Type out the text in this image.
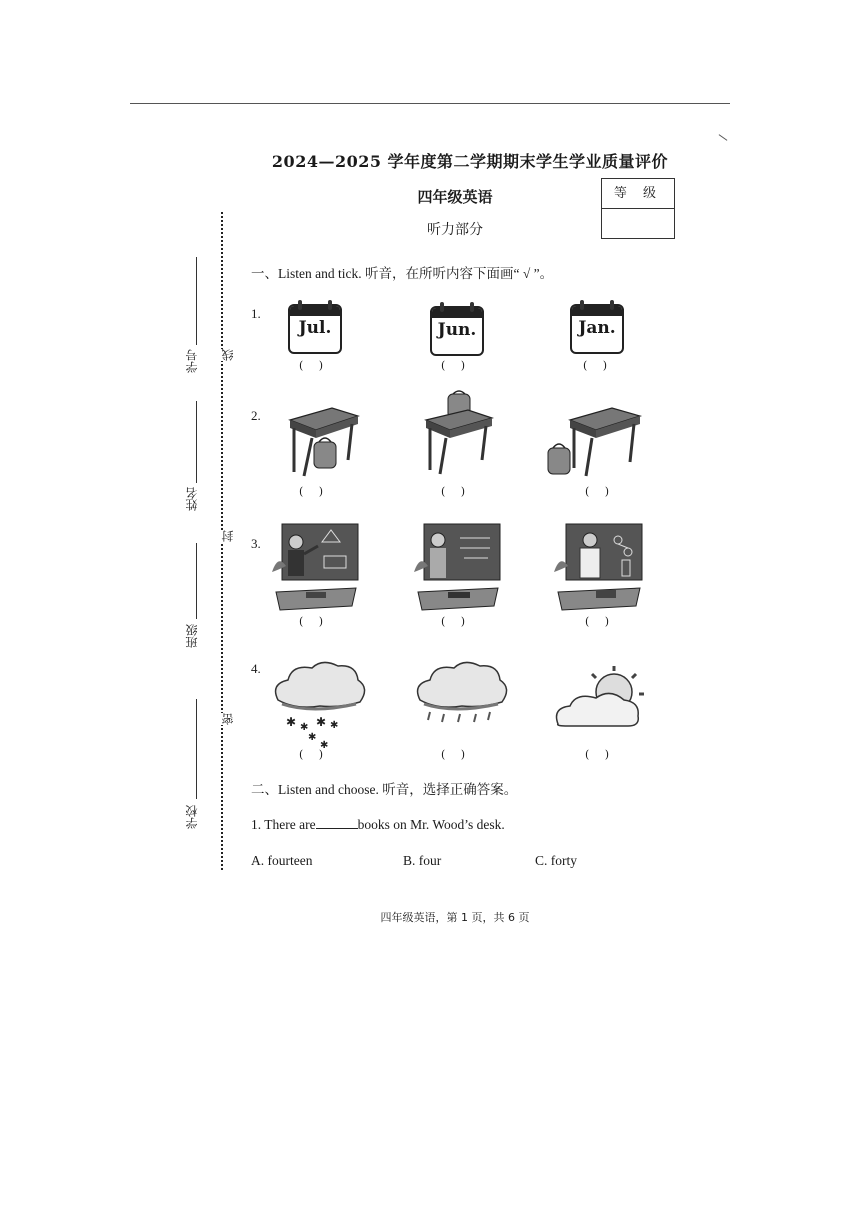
2024—2025 学年度第二学期期末学生学业质量评价
四年级英语
听力部分
等 级
学号
姓名
班级
学校
线
封
密
一、Listen and tick. 听音，在所听内容下面画“ √ ”。
1.
Jul.	Jun.	Jan.
( )	( )	( )
2.
( )	( )	( )
3.
( )	( )	( )
4.
✱ ✱ ✱ ✱
✱
✱
( )	( )	( )
二、Listen and choose. 听音，选择正确答案。
1. There are	books on Mr. Wood’s desk.
A. fourteen	B. four	C. forty
四年级英语，第 1 页，共 6 页
